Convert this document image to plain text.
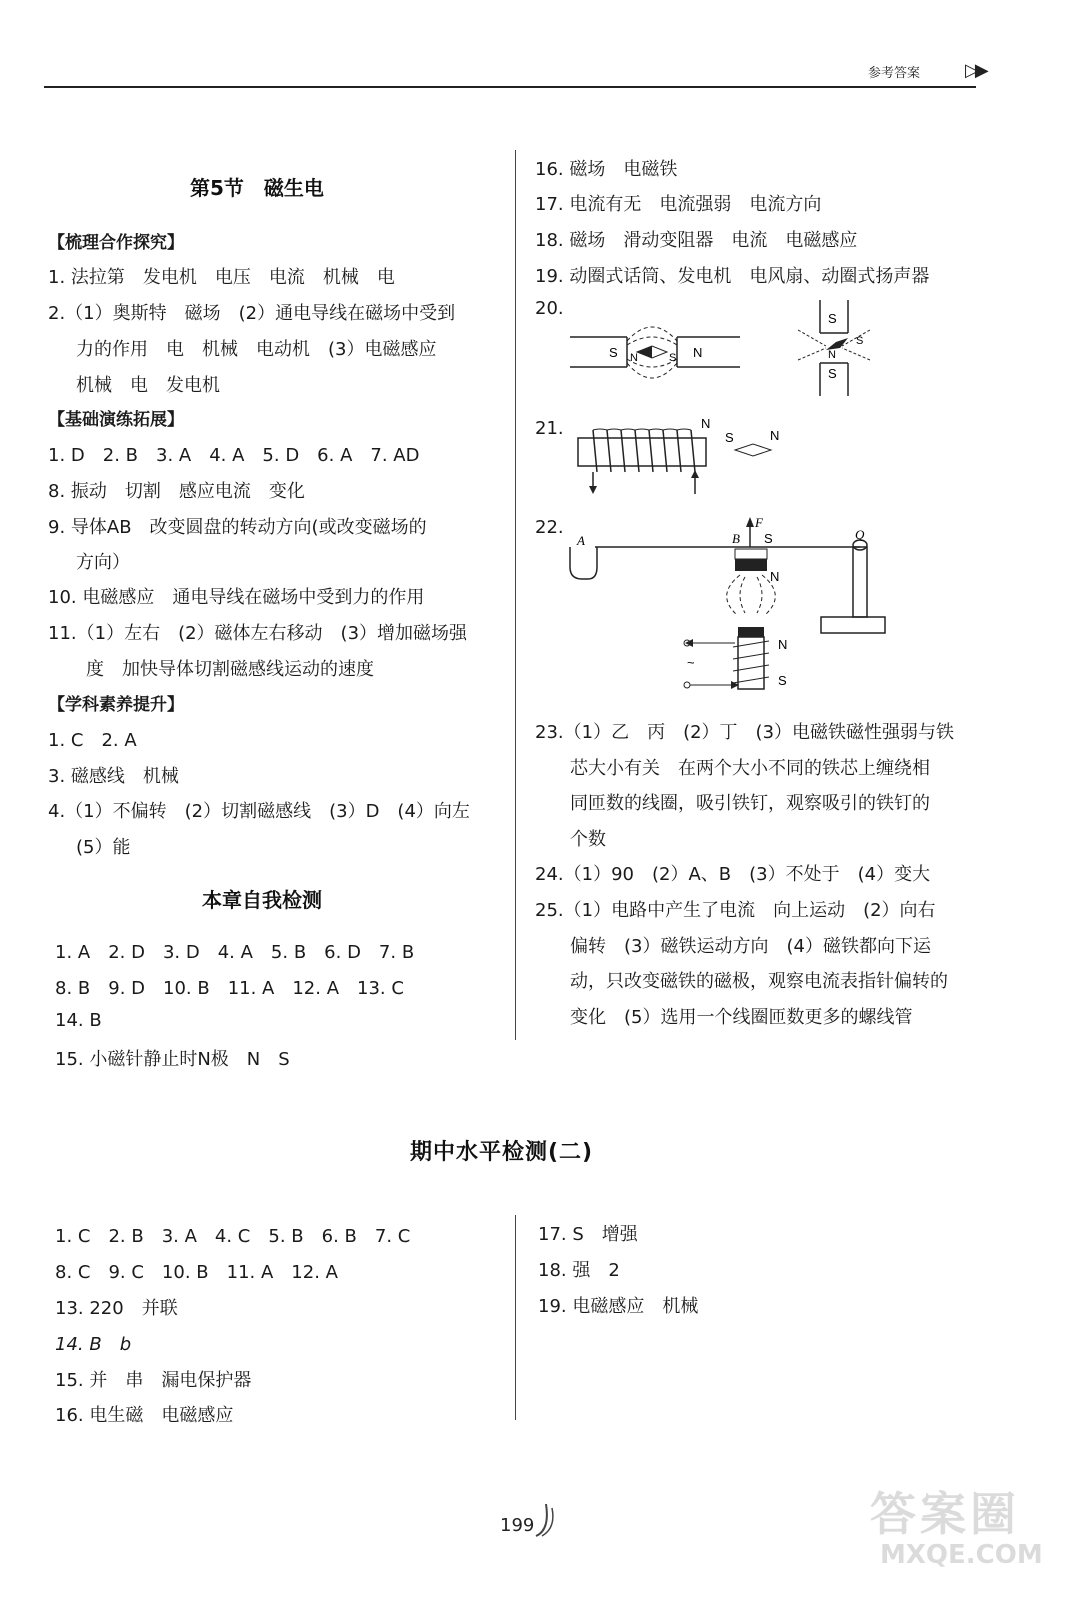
参考答案 ▷▶
第5节　磁生电
【梳理合作探究】
1. 法拉第　发电机　电压　电流　机械　电
2.（1）奥斯特　磁场　(2）通电导线在磁场中受到
力的作用　电　机械　电动机　(3）电磁感应
机械　电　发电机
【基础演练拓展】
1. D　2. B　3. A　4. A　5. D　6. A　7. AD
8. 振动　切割　感应电流　变化
9. 导体AB　改变圆盘的转动方向(或改变磁场的
方向）
10. 电磁感应　通电导线在磁场中受到力的作用
11.（1）左右　(2）磁体左右移动　(3）增加磁场强
度　加快导体切割磁感线运动的速度
【学科素养提升】
1. C　2. A
3. 磁感线　机械
4.（1）不偏转　(2）切割磁感线　(3）D　(4）向左
(5）能
本章自我检测
1. A　2. D　3. D　4. A　5. B　6. D　7. B
8. B　9. D　10. B　11. A　12. A　13. C
14. B
15. 小磁针静止时N极　N　S
16. 磁场　电磁铁
17. 电流有无　电流强弱　电流方向
18. 磁场　滑动变阻器　电流　电磁感应
19. 动圈式话筒、发电机　电风扇、动圈式扬声器
20.
S N	S N
S
N
S
S
21.	N
S	N
22.
A
F
B S
N
~
N
S
Q
23.（1）乙　丙　(2）丁　(3）电磁铁磁性强弱与铁
芯大小有关　在两个大小不同的铁芯上缠绕相
同匝数的线圈，吸引铁钉，观察吸引的铁钉的
个数
24.（1）90　(2）A、B　(3）不处于　(4）变大
25.（1）电路中产生了电流　向上运动　(2）向右
偏转　(3）磁铁运动方向　(4）磁铁都向下运
动，只改变磁铁的磁极，观察电流表指针偏转的
变化　(5）选用一个线圈匝数更多的螺线管
期中水平检测(二)
1. C　2. B　3. A　4. C　5. B　6. B　7. C
8. C　9. C　10. B　11. A　12. A
13. 220　并联
14. B　b
15. 并　串　漏电保护器
16. 电生磁　电磁感应
17. S　增强
18. 强　2
19. 电磁感应　机械
199	答案圈
MXQE.COM
